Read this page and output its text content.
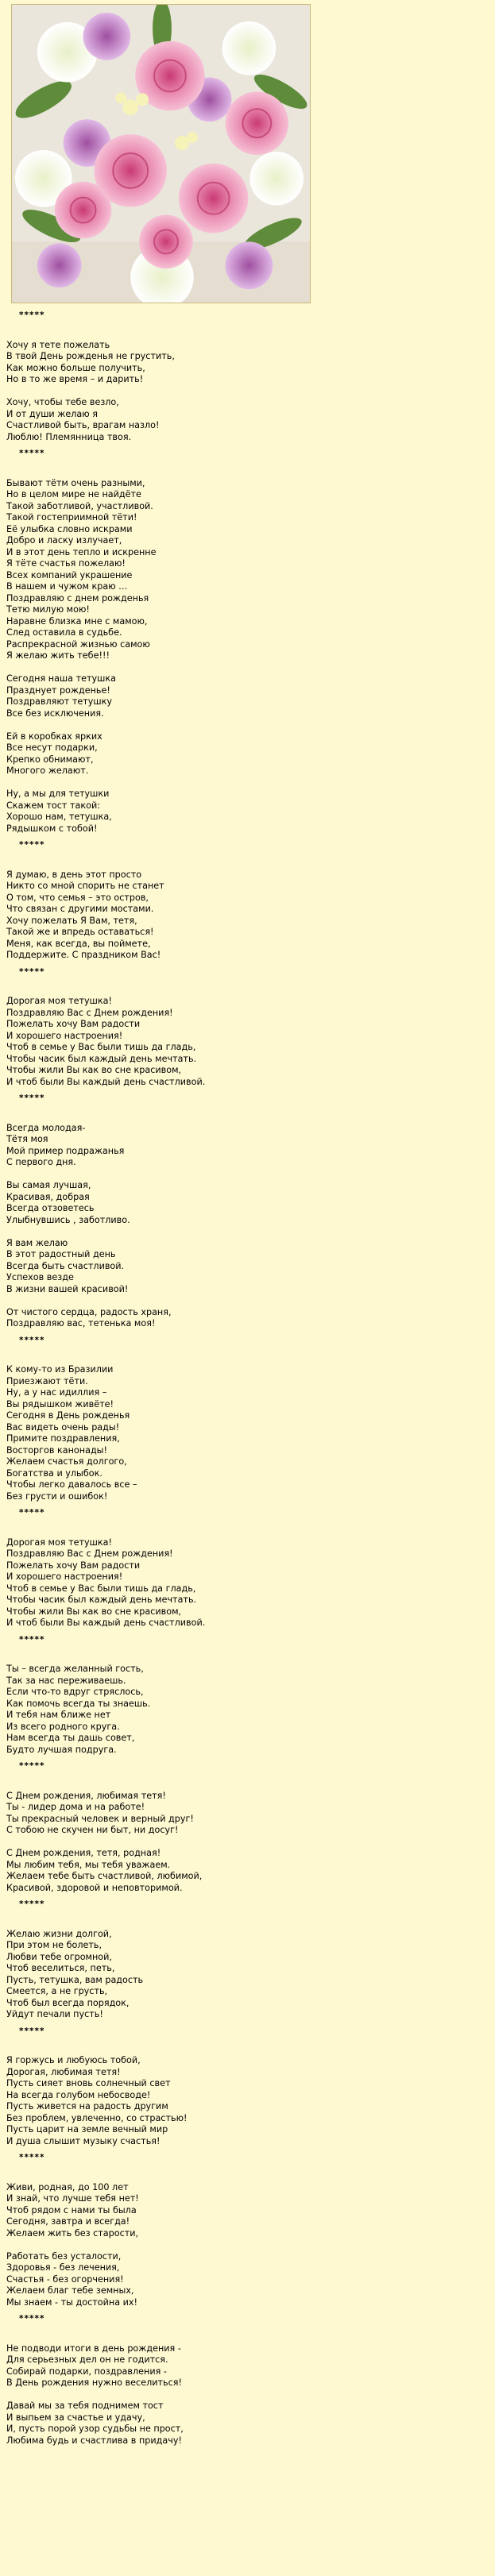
*****
Хочу я тете пожелать
В твой День рожденья не грустить,
Как можно больше получить,
Но в то же время – и дарить!

Хочу, чтобы тебе везло,
И от души желаю я
Счастливой быть, врагам назло!
Люблю! Племянница твоя.
*****
Бывают тётм очень разными,
Но в целом мире не найдёте
Такой заботливой, участливой.
Такой гостеприимной тёти!
Её улыбка словно искрами
Добро и ласку излучает,
И в этот день тепло и искренне
Я тёте счастья пожелаю!
Всех компаний украшение
В нашем и чужом краю …
Поздравляю с днем рожденья
Тетю милую мою!
Наравне близка мне с мамою,
След оставила в судьбе.
Распрекрасной жизнью самою
Я желаю жить тебе!!!

Сегодня наша тетушка
Празднует рожденье!
Поздравляют тетушку
Все без исключения.

Ей в коробках ярких
Все несут подарки,
Крепко обнимают,
Многого желают.

Ну, а мы для тетушки
Скажем тост такой:
Хорошо нам, тетушка,
Рядышком с тобой!
*****
Я думаю, в день этот просто
Никто со мной спорить не станет
О том, что семья – это остров,
Что связан с другими мостами.
Хочу пожелать Я Вам, тетя,
Такой же и впредь оставаться!
Меня, как всегда, вы поймете,
Поддержите. С праздником Вас!
*****
Дорогая моя тетушка!
Поздравляю Вас с Днем рождения!
Пожелать хочу Вам радости
И хорошего настроения!
Чтоб в семье у Вас были тишь да гладь,
Чтобы часик был каждый день мечтать.
Чтобы жили Вы как во сне красивом,
И чтоб были Вы каждый день счастливой.
*****
Всегда молодая-
Тётя моя
Мой пример подражанья
С первого дня.

Вы самая лучшая,
Красивая, добрая
Всегда отзоветесь
Улыбнувшись , заботливо.

Я вам желаю
В этот радостный день
Всегда быть счастливой.
Успехов везде
В жизни вашей красивой!

От чистого сердца, радость храня,
Поздравляю вас, тетенька моя!
*****
К кому-то из Бразилии
Приезжают тёти.
Ну, а у нас идиллия –
Вы рядышком живёте!
Сегодня в День рожденья
Вас видеть очень рады!
Примите поздравления,
Восторгов канонады!
Желаем счастья долгого,
Богатства и улыбок.
Чтобы легко давалось все –
Без грусти и ошибок!
*****
Дорогая моя тетушка!
Поздравляю Вас с Днем рождения!
Пожелать хочу Вам радости
И хорошего настроения!
Чтоб в семье у Вас были тишь да гладь,
Чтобы часик был каждый день мечтать.
Чтобы жили Вы как во сне красивом,
И чтоб были Вы каждый день счастливой.
*****
Ты – всегда желанный гость,
Так за нас переживаешь.
Если что-то вдруг стряслось,
Как помочь всегда ты знаешь.
И тебя нам ближе нет
Из всего родного круга.
Нам всегда ты дашь совет,
Будто лучшая подруга.
*****
С Днем рождения, любимая тетя!
Ты - лидер дома и на работе!
Ты прекрасный человек и верный друг!
С тобою не скучен ни быт, ни досуг!

С Днем рождения, тетя, родная!
Мы любим тебя, мы тебя уважаем.
Желаем тебе быть счастливой, любимой,
Красивой, здоровой и неповторимой.
*****
Желаю жизни долгой,
При этом не болеть,
Любви тебе огромной,
Чтоб веселиться, петь,
Пусть, тетушка, вам радость
Смеется, а не грусть,
Чтоб был всегда порядок,
Уйдут печали пусть!
*****
Я горжусь и любуюсь тобой,
Дорогая, любимая тетя!
Пусть сияет вновь солнечный свет
На всегда голубом небосводе!
Пусть живется на радость другим
Без проблем, увлеченно, со страстью!
Пусть царит на земле вечный мир
И душа слышит музыку счастья!
*****
Живи, родная, до 100 лет
И знай, что лучше тебя нет!
Чтоб рядом с нами ты была
Сегодня, завтра и всегда!
Желаем жить без старости,

Работать без усталости,
Здоровья - без лечения,
Счастья - без огорчения!
Желаем благ тебе земных,
Мы знаем - ты достойна их!
*****
Не подводи итоги в день рождения -
Для серьезных дел он не годится.
Собирай подарки, поздравления -
В День рождения нужно веселиться!

Давай мы за тебя поднимем тост
И выпьем за счастье и удачу,
И, пусть порой узор судьбы не прост,
Любима будь и счастлива в придачу!
